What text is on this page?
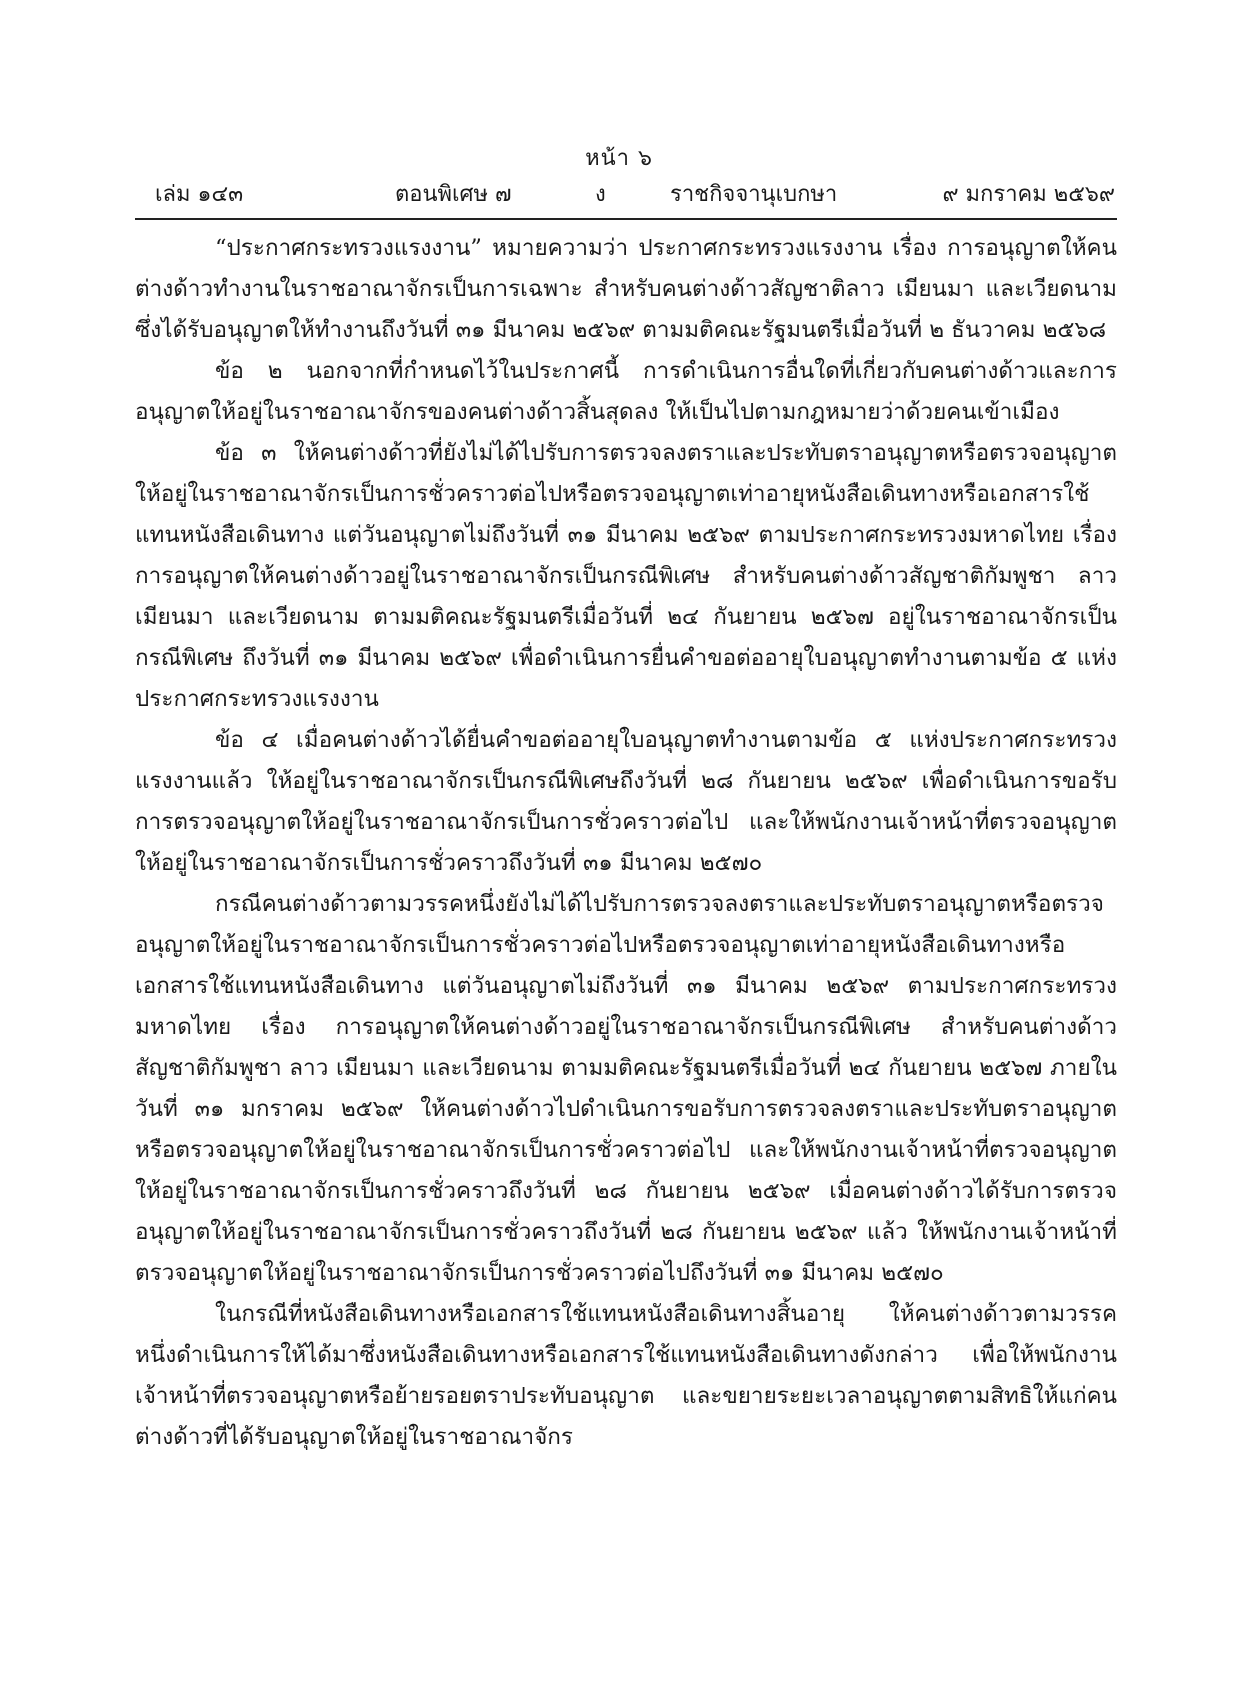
หน้า ๖
เล่ม ๑๔๓	ตอนพิเศษ ๗	ง	ราชกิจจานุเบกษา	๙ มกราคม ๒๕๖๙

“ประกาศกระทรวงแรงงาน” หมายความว่า ประกาศกระทรวงแรงงาน เรื่อง การอนุญาตให้คนต่างด้าวทำงานในราชอาณาจักรเป็นการเฉพาะ สำหรับคนต่างด้าวสัญชาติลาว เมียนมา และเวียดนาม ซึ่งได้รับอนุญาตให้ทำงานถึงวันที่ ๓๑ มีนาคม ๒๕๖๙ ตามมติคณะรัฐมนตรีเมื่อวันที่ ๒ ธันวาคม ๒๕๖๘

ข้อ ๒ นอกจากที่กำหนดไว้ในประกาศนี้ การดำเนินการอื่นใดที่เกี่ยวกับคนต่างด้าวและการอนุญาตให้อยู่ในราชอาณาจักรของคนต่างด้าวสิ้นสุดลง ให้เป็นไปตามกฎหมายว่าด้วยคนเข้าเมือง

ข้อ ๓ ให้คนต่างด้าวที่ยังไม่ได้ไปรับการตรวจลงตราและประทับตราอนุญาตหรือตรวจอนุญาตให้อยู่ในราชอาณาจักรเป็นการชั่วคราวต่อไปหรือตรวจอนุญาตเท่าอายุหนังสือเดินทางหรือเอกสารใช้แทนหนังสือเดินทาง แต่วันอนุญาตไม่ถึงวันที่ ๓๑ มีนาคม ๒๕๖๙ ตามประกาศกระทรวงมหาดไทย เรื่อง การอนุญาตให้คนต่างด้าวอยู่ในราชอาณาจักรเป็นกรณีพิเศษ สำหรับคนต่างด้าวสัญชาติกัมพูชา ลาว เมียนมา และเวียดนาม ตามมติคณะรัฐมนตรีเมื่อวันที่ ๒๔ กันยายน ๒๕๖๗ อยู่ในราชอาณาจักรเป็นกรณีพิเศษ ถึงวันที่ ๓๑ มีนาคม ๒๕๖๙ เพื่อดำเนินการยื่นคำขอต่ออายุใบอนุญาตทำงานตามข้อ ๕ แห่งประกาศกระทรวงแรงงาน

ข้อ ๔ เมื่อคนต่างด้าวได้ยื่นคำขอต่ออายุใบอนุญาตทำงานตามข้อ ๕ แห่งประกาศกระทรวงแรงงานแล้ว ให้อยู่ในราชอาณาจักรเป็นกรณีพิเศษถึงวันที่ ๒๘ กันยายน ๒๕๖๙ เพื่อดำเนินการขอรับการตรวจอนุญาตให้อยู่ในราชอาณาจักรเป็นการชั่วคราวต่อไป และให้พนักงานเจ้าหน้าที่ตรวจอนุญาตให้อยู่ในราชอาณาจักรเป็นการชั่วคราวถึงวันที่ ๓๑ มีนาคม ๒๕๗๐

กรณีคนต่างด้าวตามวรรคหนึ่งยังไม่ได้ไปรับการตรวจลงตราและประทับตราอนุญาตหรือตรวจอนุญาตให้อยู่ในราชอาณาจักรเป็นการชั่วคราวต่อไปหรือตรวจอนุญาตเท่าอายุหนังสือเดินทางหรือเอกสารใช้แทนหนังสือเดินทาง แต่วันอนุญาตไม่ถึงวันที่ ๓๑ มีนาคม ๒๕๖๙ ตามประกาศกระทรวงมหาดไทย เรื่อง การอนุญาตให้คนต่างด้าวอยู่ในราชอาณาจักรเป็นกรณีพิเศษ สำหรับคนต่างด้าวสัญชาติกัมพูชา ลาว เมียนมา และเวียดนาม ตามมติคณะรัฐมนตรีเมื่อวันที่ ๒๔ กันยายน ๒๕๖๗ ภายในวันที่ ๓๑ มกราคม ๒๕๖๙ ให้คนต่างด้าวไปดำเนินการขอรับการตรวจลงตราและประทับตราอนุญาตหรือตรวจอนุญาตให้อยู่ในราชอาณาจักรเป็นการชั่วคราวต่อไป และให้พนักงานเจ้าหน้าที่ตรวจอนุญาตให้อยู่ในราชอาณาจักรเป็นการชั่วคราวถึงวันที่ ๒๘ กันยายน ๒๕๖๙ เมื่อคนต่างด้าวได้รับการตรวจอนุญาตให้อยู่ในราชอาณาจักรเป็นการชั่วคราวถึงวันที่ ๒๘ กันยายน ๒๕๖๙ แล้ว ให้พนักงานเจ้าหน้าที่ตรวจอนุญาตให้อยู่ในราชอาณาจักรเป็นการชั่วคราวต่อไปถึงวันที่ ๓๑ มีนาคม ๒๕๗๐

ในกรณีที่หนังสือเดินทางหรือเอกสารใช้แทนหนังสือเดินทางสิ้นอายุ ให้คนต่างด้าวตามวรรคหนึ่งดำเนินการให้ได้มาซึ่งหนังสือเดินทางหรือเอกสารใช้แทนหนังสือเดินทางดังกล่าว เพื่อให้พนักงานเจ้าหน้าที่ตรวจอนุญาตหรือย้ายรอยตราประทับอนุญาต และขยายระยะเวลาอนุญาตตามสิทธิให้แก่คนต่างด้าวที่ได้รับอนุญาตให้อยู่ในราชอาณาจักร
